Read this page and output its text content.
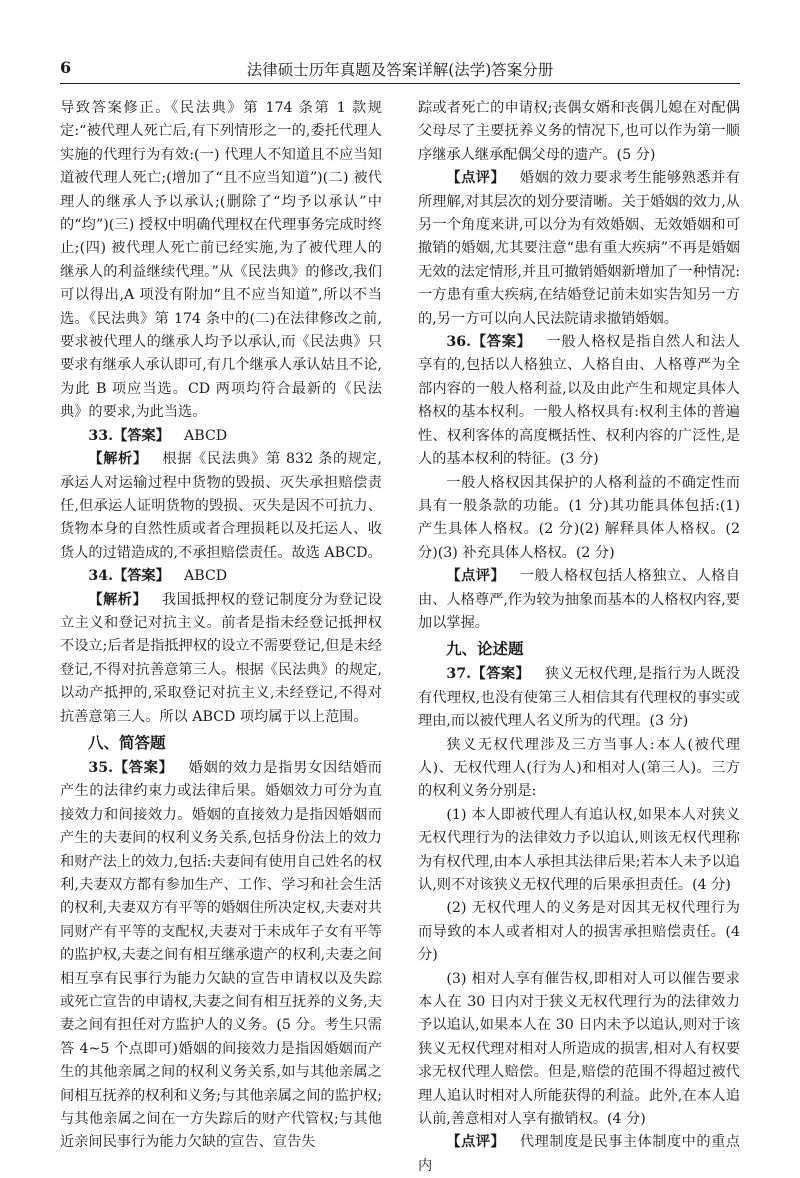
6	法律硕士历年真题及答案详解(法学)答案分册

导致答案修正。《民法典》第 174 条第 1 款规定:“被代理人死亡后,有下列情形之一的,委托代理人实施的代理行为有效:(一) 代理人不知道且不应当知道被代理人死亡;(增加了“且不应当知道”)(二) 被代理人的继承人予以承认;(删除了“均予以承认”中的“均”)(三) 授权中明确代理权在代理事务完成时终止;(四) 被代理人死亡前已经实施,为了被代理人的继承人的利益继续代理。”从《民法典》的修改,我们可以得出,A 项没有附加“且不应当知道”,所以不当选。《民法典》第 174 条中的(二)在法律修改之前,要求被代理人的继承人均予以承认,而《民法典》只要求有继承人承认即可,有几个继承人承认姑且不论,为此 B 项应当选。CD 两项均符合最新的《民法典》的要求,为此当选。

33.【答案】  ABCD

【解析】  根据《民法典》第 832 条的规定,承运人对运输过程中货物的毁损、灭失承担赔偿责任,但承运人证明货物的毁损、灭失是因不可抗力、货物本身的自然性质或者合理损耗以及托运人、收货人的过错造成的,不承担赔偿责任。故选 ABCD。

34.【答案】  ABCD

【解析】  我国抵押权的登记制度分为登记设立主义和登记对抗主义。前者是指未经登记抵押权不设立;后者是指抵押权的设立不需要登记,但是未经登记,不得对抗善意第三人。根据《民法典》的规定,以动产抵押的,采取登记对抗主义,未经登记,不得对抗善意第三人。所以 ABCD 项均属于以上范围。

八、简答题

35.【答案】  婚姻的效力是指男女因结婚而产生的法律约束力或法律后果。婚姻效力可分为直接效力和间接效力。婚姻的直接效力是指因婚姻而产生的夫妻间的权利义务关系,包括身份法上的效力和财产法上的效力,包括:夫妻间有使用自己姓名的权利,夫妻双方都有参加生产、工作、学习和社会生活的权利,夫妻双方有平等的婚姻住所决定权,夫妻对共同财产有平等的支配权,夫妻对于未成年子女有平等的监护权,夫妻之间有相互继承遗产的权利,夫妻之间相互享有民事行为能力欠缺的宣告申请权以及失踪或死亡宣告的申请权,夫妻之间有相互抚养的义务,夫妻之间有担任对方监护人的义务。(5 分。考生只需答 4~5 个点即可)婚姻的间接效力是指因婚姻而产生的其他亲属之间的权利义务关系,如与其他亲属之间相互抚养的权利和义务;与其他亲属之间的监护权;与其他亲属之间在一方失踪后的财产代管权;与其他近亲间民事行为能力欠缺的宣告、宣告失

踪或者死亡的申请权;丧偶女婿和丧偶儿媳在对配偶父母尽了主要抚养义务的情况下,也可以作为第一顺序继承人继承配偶父母的遗产。(5 分)

【点评】  婚姻的效力要求考生能够熟悉并有所理解,对其层次的划分要清晰。关于婚姻的效力,从另一个角度来讲,可以分为有效婚姻、无效婚姻和可撤销的婚姻,尤其要注意“患有重大疾病”不再是婚姻无效的法定情形,并且可撤销婚姻新增加了一种情况:一方患有重大疾病,在结婚登记前未如实告知另一方的,另一方可以向人民法院请求撤销婚姻。

36.【答案】  一般人格权是指自然人和法人享有的,包括以人格独立、人格自由、人格尊严为全部内容的一般人格利益,以及由此产生和规定具体人格权的基本权利。一般人格权具有:权利主体的普遍性、权利客体的高度概括性、权利内容的广泛性,是人的基本权利的特征。(3 分)

一般人格权因其保护的人格利益的不确定性而具有一般条款的功能。(1 分)其功能具体包括:(1) 产生具体人格权。(2 分)(2) 解释具体人格权。(2 分)(3) 补充具体人格权。(2 分)

【点评】  一般人格权包括人格独立、人格自由、人格尊严,作为较为抽象而基本的人格权内容,要加以掌握。

九、论述题

37.【答案】  狭义无权代理,是指行为人既没有代理权,也没有使第三人相信其有代理权的事实或理由,而以被代理人名义所为的代理。(3 分)

狭义无权代理涉及三方当事人:本人(被代理人)、无权代理人(行为人)和相对人(第三人)。三方的权利义务分别是:

(1) 本人即被代理人有追认权,如果本人对狭义无权代理行为的法律效力予以追认,则该无权代理称为有权代理,由本人承担其法律后果;若本人未予以追认,则不对该狭义无权代理的后果承担责任。(4 分)

(2) 无权代理人的义务是对因其无权代理行为而导致的本人或者相对人的损害承担赔偿责任。(4 分)

(3) 相对人享有催告权,即相对人可以催告要求本人在 30 日内对于狭义无权代理行为的法律效力予以追认,如果本人在 30 日内未予以追认,则对于该狭义无权代理对相对人所造成的损害,相对人有权要求无权代理人赔偿。但是,赔偿的范围不得超过被代理人追认时相对人所能获得的利益。此外,在本人追认前,善意相对人享有撤销权。(4 分)

【点评】  代理制度是民事主体制度中的重点内
